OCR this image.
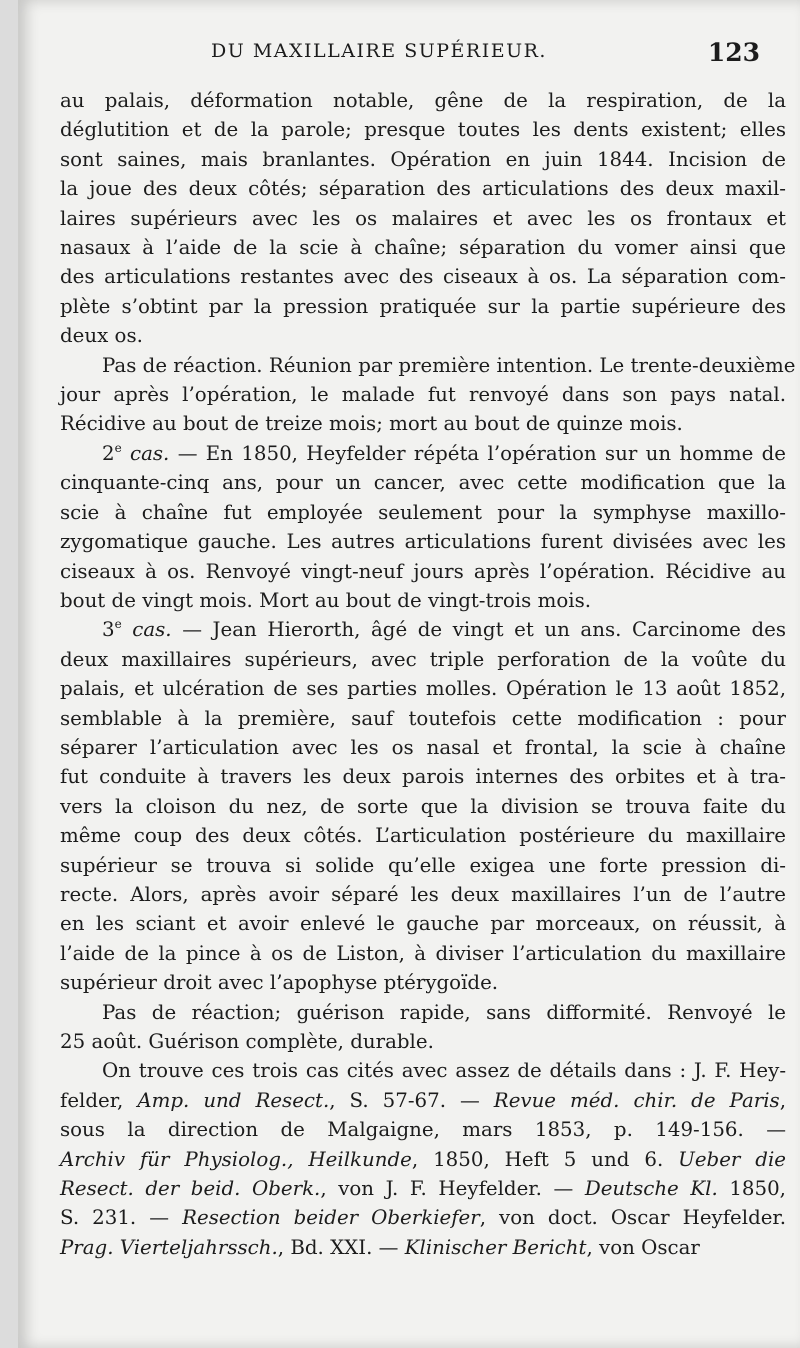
DU MAXILLAIRE SUPÉRIEUR.	123
au palais, déformation notable, gêne de la respiration, de la
déglutition et de la parole; presque toutes les dents existent; elles
sont saines, mais branlantes. Opération en juin 1844. Incision de
la joue des deux côtés; séparation des articulations des deux maxil-
laires supérieurs avec les os malaires et avec les os frontaux et
nasaux à l’aide de la scie à chaîne; séparation du vomer ainsi que
des articulations restantes avec des ciseaux à os. La séparation com-
plète s’obtint par la pression pratiquée sur la partie supérieure des
deux os.
Pas de réaction. Réunion par première intention. Le trente-deuxième
jour après l’opération, le malade fut renvoyé dans son pays natal.
Récidive au bout de treize mois; mort au bout de quinze mois.
2e cas. — En 1850, Heyfelder répéta l’opération sur un homme de
cinquante-cinq ans, pour un cancer, avec cette modification que la
scie à chaîne fut employée seulement pour la symphyse maxillo-
zygomatique gauche. Les autres articulations furent divisées avec les
ciseaux à os. Renvoyé vingt-neuf jours après l’opération. Récidive au
bout de vingt mois. Mort au bout de vingt-trois mois.
3e cas. — Jean Hierorth, âgé de vingt et un ans. Carcinome des
deux maxillaires supérieurs, avec triple perforation de la voûte du
palais, et ulcération de ses parties molles. Opération le 13 août 1852,
semblable à la première, sauf toutefois cette modification : pour
séparer l’articulation avec les os nasal et frontal, la scie à chaîne
fut conduite à travers les deux parois internes des orbites et à tra-
vers la cloison du nez, de sorte que la division se trouva faite du
même coup des deux côtés. L’articulation postérieure du maxillaire
supérieur se trouva si solide qu’elle exigea une forte pression di-
recte. Alors, après avoir séparé les deux maxillaires l’un de l’autre
en les sciant et avoir enlevé le gauche par morceaux, on réussit, à
l’aide de la pince à os de Liston, à diviser l’articulation du maxillaire
supérieur droit avec l’apophyse ptérygoïde.
Pas de réaction; guérison rapide, sans difformité. Renvoyé le
25 août. Guérison complète, durable.
On trouve ces trois cas cités avec assez de détails dans : J. F. Hey-
felder, Amp. und Resect., S. 57-67. — Revue méd. chir. de Paris,
sous la direction de Malgaigne, mars 1853, p. 149-156. —
Archiv für Physiolog., Heilkunde, 1850, Heft 5 und 6. Ueber die
Resect. der beid. Oberk., von J. F. Heyfelder. — Deutsche Kl. 1850,
S. 231. — Resection beider Oberkiefer, von doct. Oscar Heyfelder.
Prag. Vierteljahrssch., Bd. XXI. — Klinischer Bericht, von Oscar
